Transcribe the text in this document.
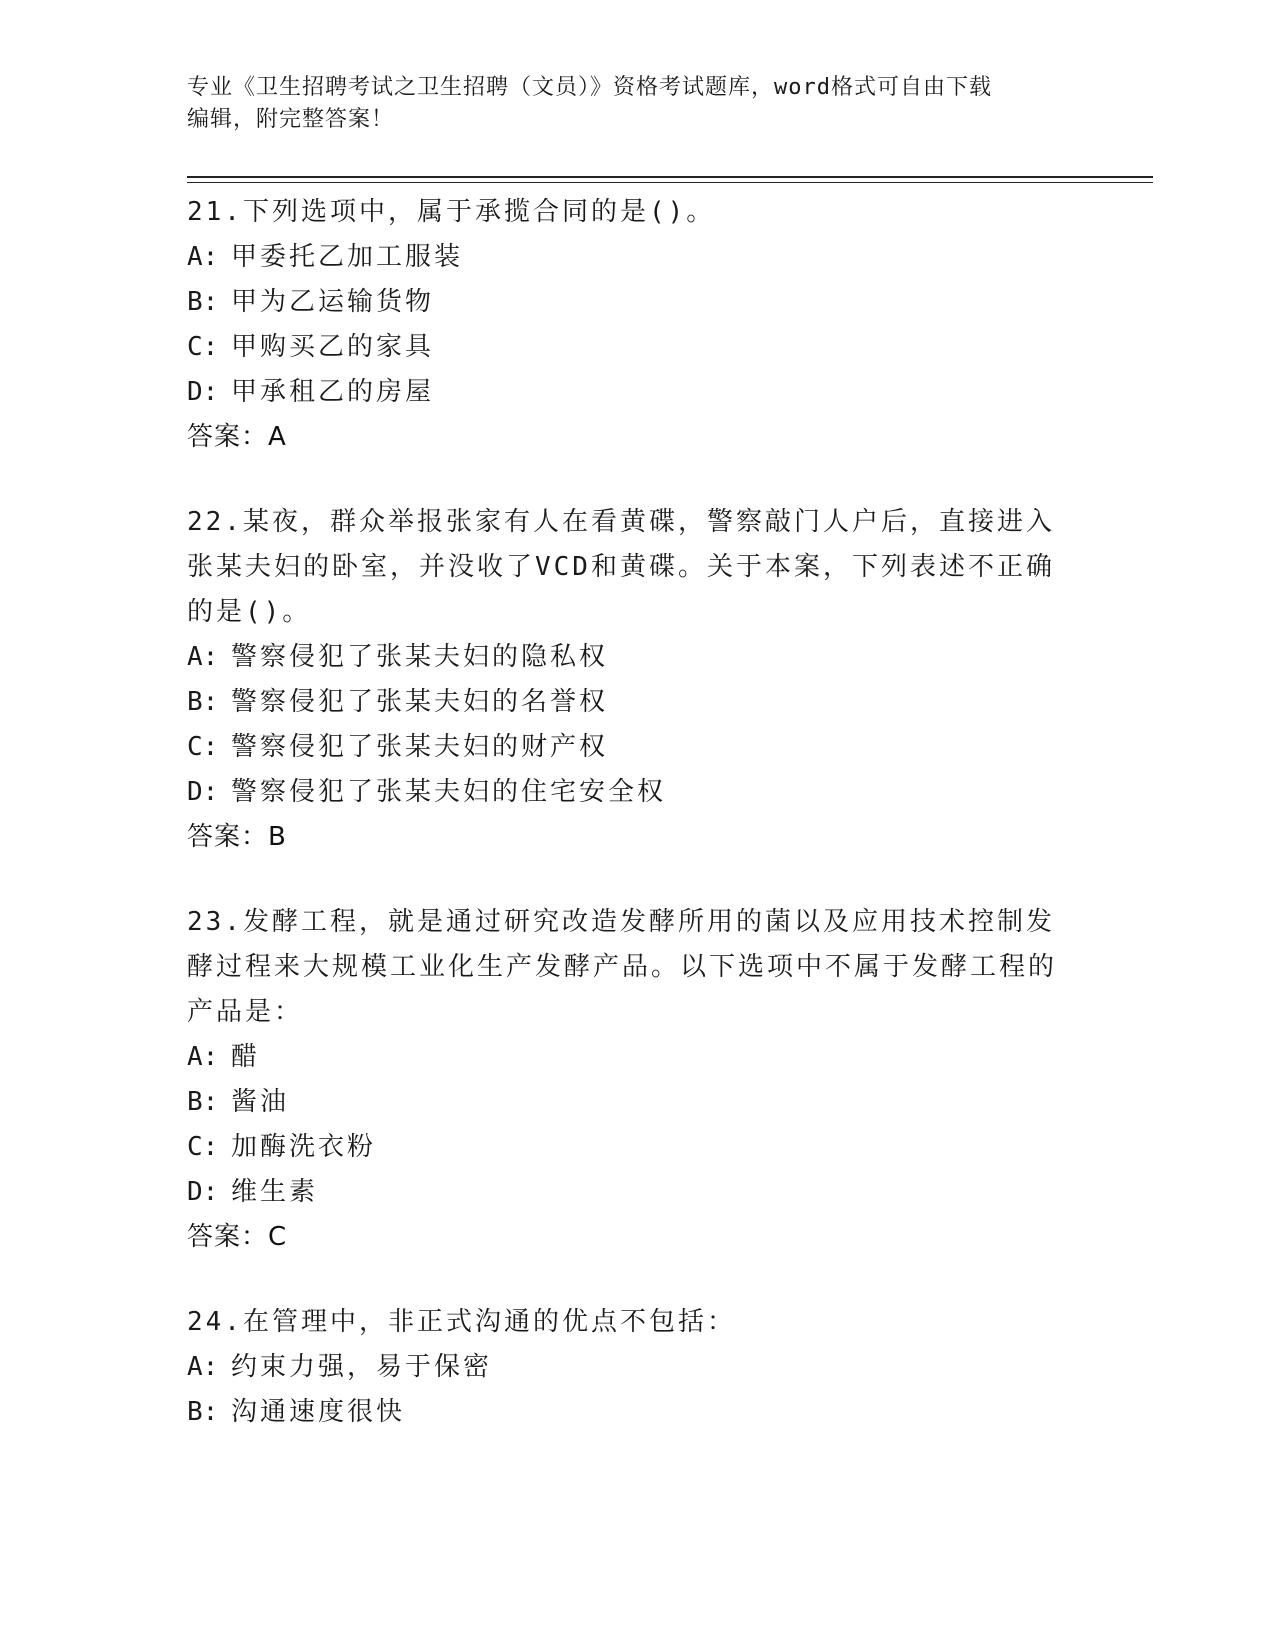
专业《卫生招聘考试之卫生招聘（文员）》资格考试题库，word格式可自由下载
编辑，附完整答案！
21.下列选项中，属于承揽合同的是()。
A: 甲委托乙加工服装
B: 甲为乙运输货物
C: 甲购买乙的家具
D: 甲承租乙的房屋
答案：A
22.某夜，群众举报张家有人在看黄碟，警察敲门人户后，直接进入张某夫妇的卧室，并没收了VCD和黄碟。关于本案，下列表述不正确的是()。
A: 警察侵犯了张某夫妇的隐私权
B: 警察侵犯了张某夫妇的名誉权
C: 警察侵犯了张某夫妇的财产权
D: 警察侵犯了张某夫妇的住宅安全权
答案：B
23.发酵工程，就是通过研究改造发酵所用的菌以及应用技术控制发酵过程来大规模工业化生产发酵产品。以下选项中不属于发酵工程的产品是：
A: 醋
B: 酱油
C: 加酶洗衣粉
D: 维生素
答案：C
24.在管理中，非正式沟通的优点不包括：
A: 约束力强，易于保密
B: 沟通速度很快
